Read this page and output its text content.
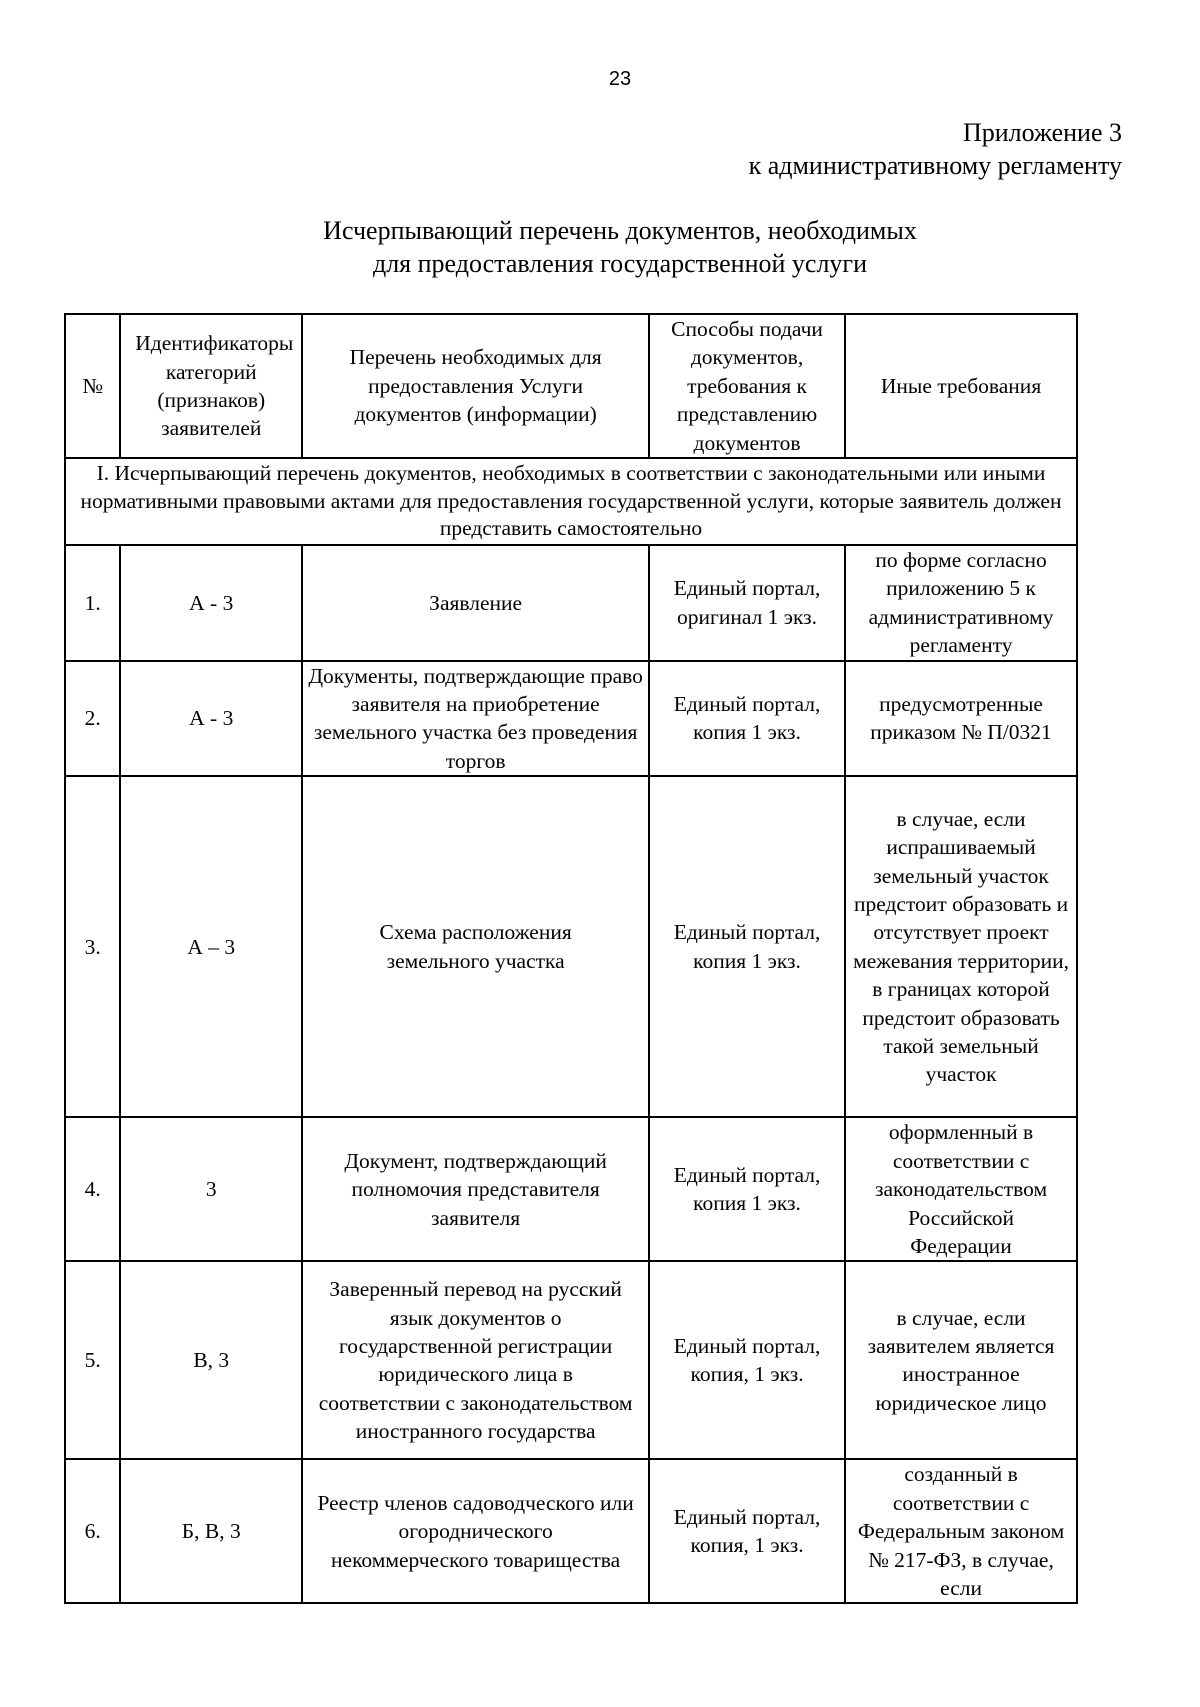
23
Приложение 3
к административному регламенту
Исчерпывающий перечень документов, необходимых
для предоставления государственной услуги
№	Идентификаторы категорий (признаков) заявителей	Перечень необходимых для предоставления Услуги документов (информации)	Способы подачи документов, требования к представлению документов	Иные требования
I. Исчерпывающий перечень документов, необходимых в соответствии с законодательными или иными нормативными правовыми актами для предоставления государственной услуги, которые заявитель должен представить самостоятельно				
1.	А - 3	Заявление	Единый портал, оригинал 1 экз.	по форме согласно приложению 5 к административному регламенту
2.	А - 3	Документы, подтверждающие право заявителя на приобретение земельного участка без проведения торгов	Единый портал, копия 1 экз.	предусмотренные приказом № П/0321
3.	А – 3	Схема расположения земельного участка	Единый портал, копия 1 экз.	в случае, если испрашиваемый земельный участок предстоит образовать и отсутствует проект межевания территории, в границах которой предстоит образовать такой земельный участок
4.	3	Документ, подтверждающий полномочия представителя заявителя	Единый портал, копия 1 экз.	оформленный в соответствии с законодательством Российской Федерации
5.	В, 3	Заверенный перевод на русский язык документов о государственной регистрации юридического лица в соответствии с законодательством иностранного государства	Единый портал, копия, 1 экз.	в случае, если заявителем является иностранное юридическое лицо
6.	Б, В, 3	Реестр членов садоводческого или огороднического некоммерческого товарищества	Единый портал, копия, 1 экз.	созданный в соответствии с Федеральным законом № 217-ФЗ, в случае, если
